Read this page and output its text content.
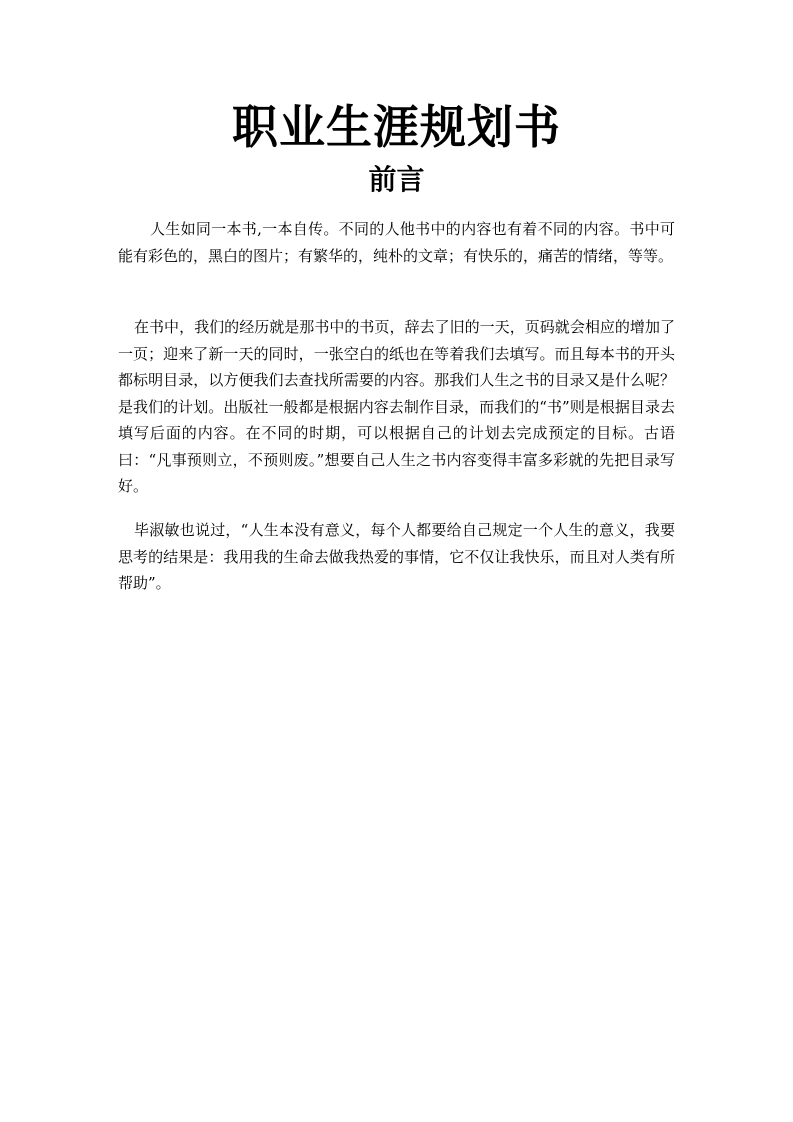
职业生涯规划书
前言

人生如同一本书,一本自传。不同的人他书中的内容也有着不同的内容。书中可能有彩色的，黑白的图片；有繁华的，纯朴的文章；有快乐的，痛苦的情绪，等等。

在书中，我们的经历就是那书中的书页，辞去了旧的一天，页码就会相应的增加了一页；迎来了新一天的同时，一张空白的纸也在等着我们去填写。而且每本书的开头都标明目录，以方便我们去查找所需要的内容。那我们人生之书的目录又是什么呢？是我们的计划。出版社一般都是根据内容去制作目录，而我们的“书”则是根据目录去填写后面的内容。在不同的时期，可以根据自己的计划去完成预定的目标。古语曰：“凡事预则立，不预则废。”想要自己人生之书内容变得丰富多彩就的先把目录写好。

毕淑敏也说过，“人生本没有意义，每个人都要给自己规定一个人生的意义，我要思考的结果是：我用我的生命去做我热爱的事情，它不仅让我快乐，而且对人类有所帮助”。
